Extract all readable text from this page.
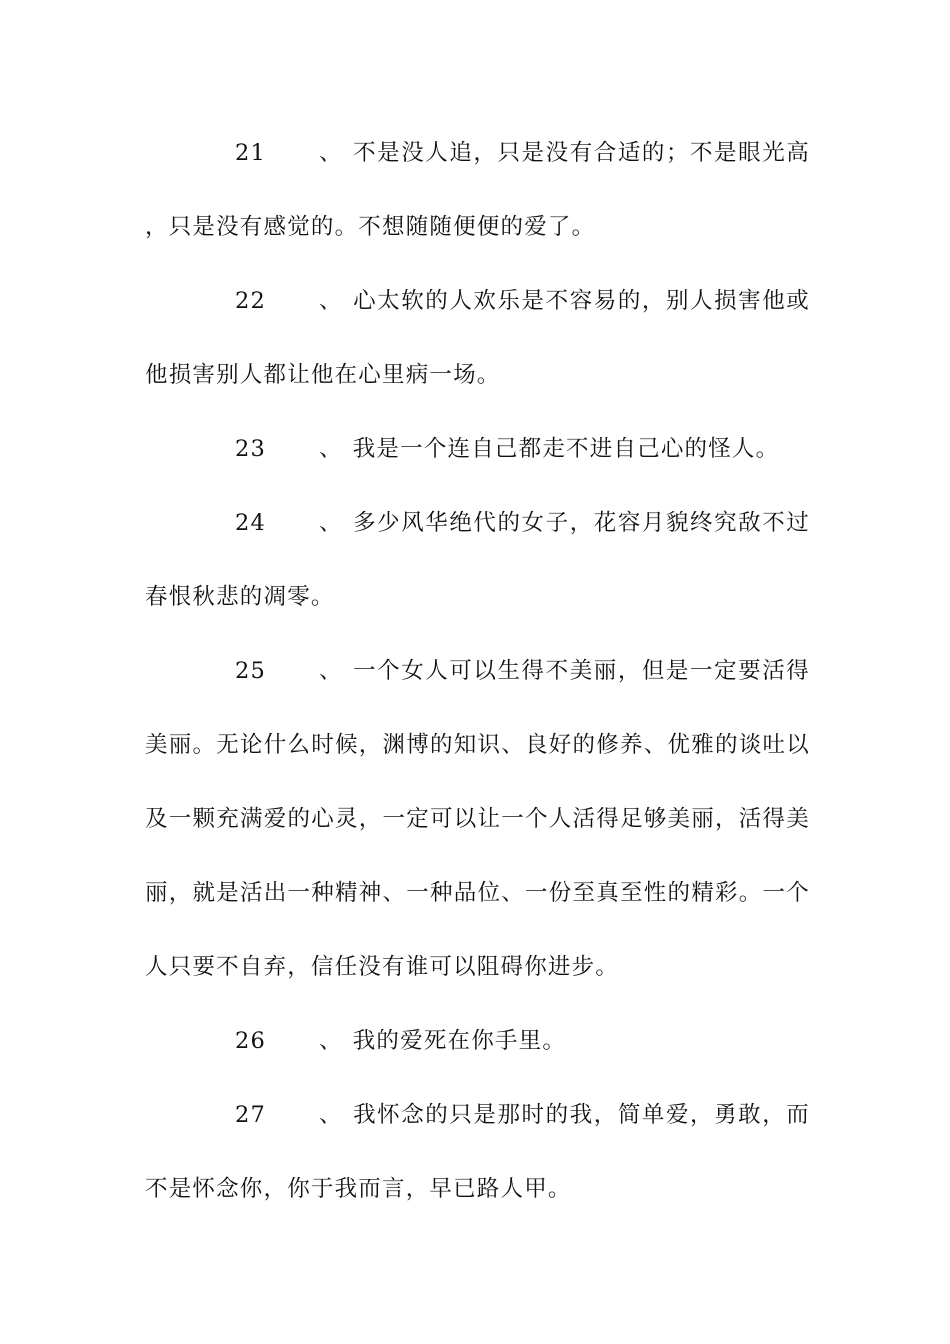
21 、 不是没人追，只是没有合适的；不是眼光高，只是没有感觉的。不想随随便便的爱了。

22 、 心太软的人欢乐是不容易的，别人损害他或他损害别人都让他在心里病一场。

23 、 我是一个连自己都走不进自己心的怪人。

24 、 多少风华绝代的女子，花容月貌终究敌不过春恨秋悲的凋零。

25 、 一个女人可以生得不美丽，但是一定要活得美丽。无论什么时候，渊博的知识、良好的修养、优雅的谈吐以及一颗充满爱的心灵，一定可以让一个人活得足够美丽，活得美丽，就是活出一种精神、一种品位、一份至真至性的精彩。一个人只要不自弃，信任没有谁可以阻碍你进步。

26 、 我的爱死在你手里。

27 、 我怀念的只是那时的我，简单爱，勇敢，而不是怀念你，你于我而言，早已路人甲。
